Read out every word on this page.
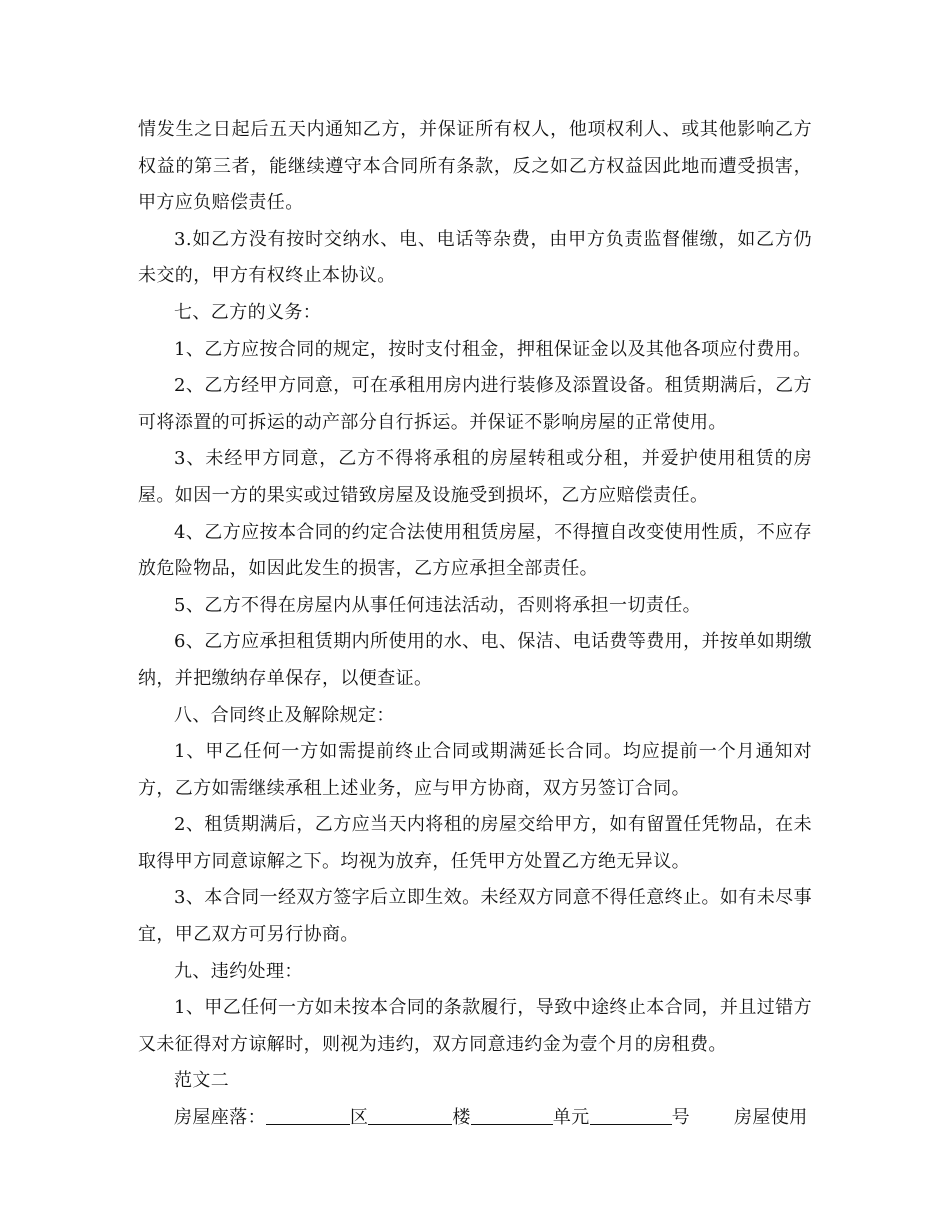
情发生之日起后五天内通知乙方，并保证所有权人，他项权利人、或其他影响乙方权益的第三者，能继续遵守本合同所有条款，反之如乙方权益因此地而遭受损害，甲方应负赔偿责任。

3.如乙方没有按时交纳水、电、电话等杂费，由甲方负责监督催缴，如乙方仍未交的，甲方有权终止本协议。

七、乙方的义务：

1、乙方应按合同的规定，按时支付租金，押租保证金以及其他各项应付费用。

2、乙方经甲方同意，可在承租用房内进行装修及添置设备。租赁期满后，乙方可将添置的可拆运的动产部分自行拆运。并保证不影响房屋的正常使用。

3、未经甲方同意，乙方不得将承租的房屋转租或分租，并爱护使用租赁的房屋。如因一方的果实或过错致房屋及设施受到损坏，乙方应赔偿责任。

4、乙方应按本合同的约定合法使用租赁房屋，不得擅自改变使用性质，不应存放危险物品，如因此发生的损害，乙方应承担全部责任。

5、乙方不得在房屋内从事任何违法活动，否则将承担一切责任。

6、乙方应承担租赁期内所使用的水、电、保洁、电话费等费用，并按单如期缴纳，并把缴纳存单保存，以便查证。

八、合同终止及解除规定：

1、甲乙任何一方如需提前终止合同或期满延长合同。均应提前一个月通知对方，乙方如需继续承租上述业务，应与甲方协商，双方另签订合同。

2、租赁期满后，乙方应当天内将租的房屋交给甲方，如有留置任凭物品，在未取得甲方同意谅解之下。均视为放弃，任凭甲方处置乙方绝无异议。

3、本合同一经双方签字后立即生效。未经双方同意不得任意终止。如有未尽事宜，甲乙双方可另行协商。

九、违约处理：

1、甲乙任何一方如未按本合同的条款履行，导致中途终止本合同，并且过错方又未征得对方谅解时，则视为违约，双方同意违约金为壹个月的房租费。

范文二

房屋座落：	区	楼	单元	号 房屋使用
